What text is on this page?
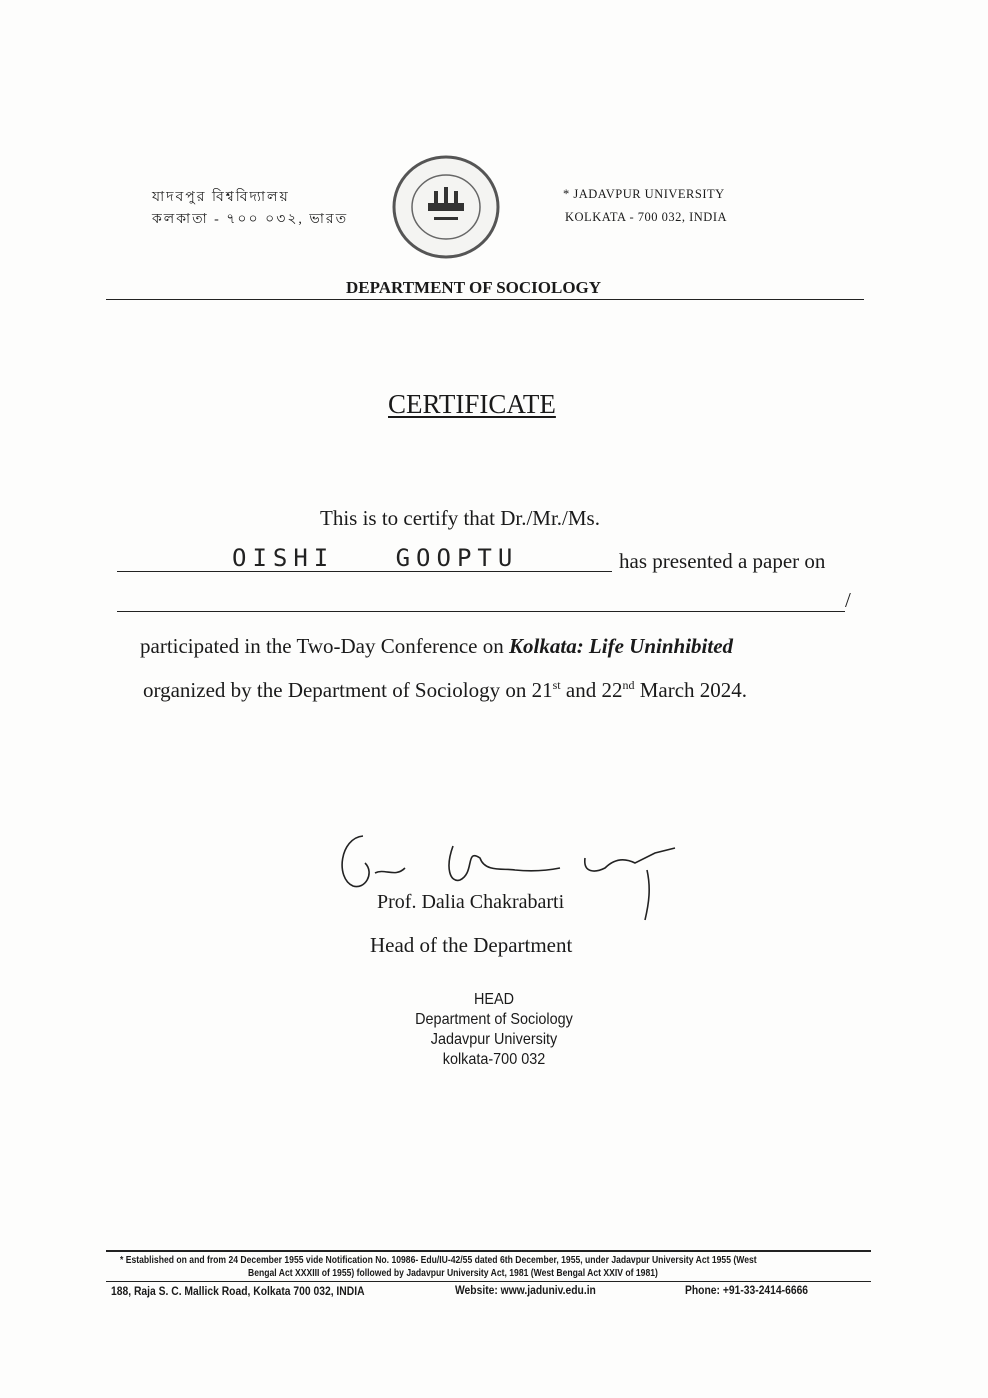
যাদবপুর বিশ্ববিদ্যালয়
কলকাতা - ৭০০ ০৩২, ভারত
* JADAVPUR UNIVERSITY
KOLKATA - 700 032, INDIA
DEPARTMENT OF SOCIOLOGY
CERTIFICATE
This is to certify that Dr./Mr./Ms.
OISHI   GOOPTU	has presented a paper on
/
participated in the Two-Day Conference on Kolkata: Life Uninhibited
organized by the Department of Sociology on 21st and 22nd March 2024.
Prof. Dalia Chakrabarti
Head of the Department
HEAD
Department of Sociology
Jadavpur University
kolkata-700 032
* Established on and from 24 December 1955 vide Notification No. 10986- Edu/IU-42/55 dated 6th December, 1955, under Jadavpur University Act 1955 (West
Bengal Act XXXIII of 1955) followed by Jadavpur University Act, 1981 (West Bengal Act XXIV of 1981)
188, Raja S. C. Mallick Road, Kolkata 700 032, INDIA	Website: www.jaduniv.edu.in	Phone: +91-33-2414-6666
